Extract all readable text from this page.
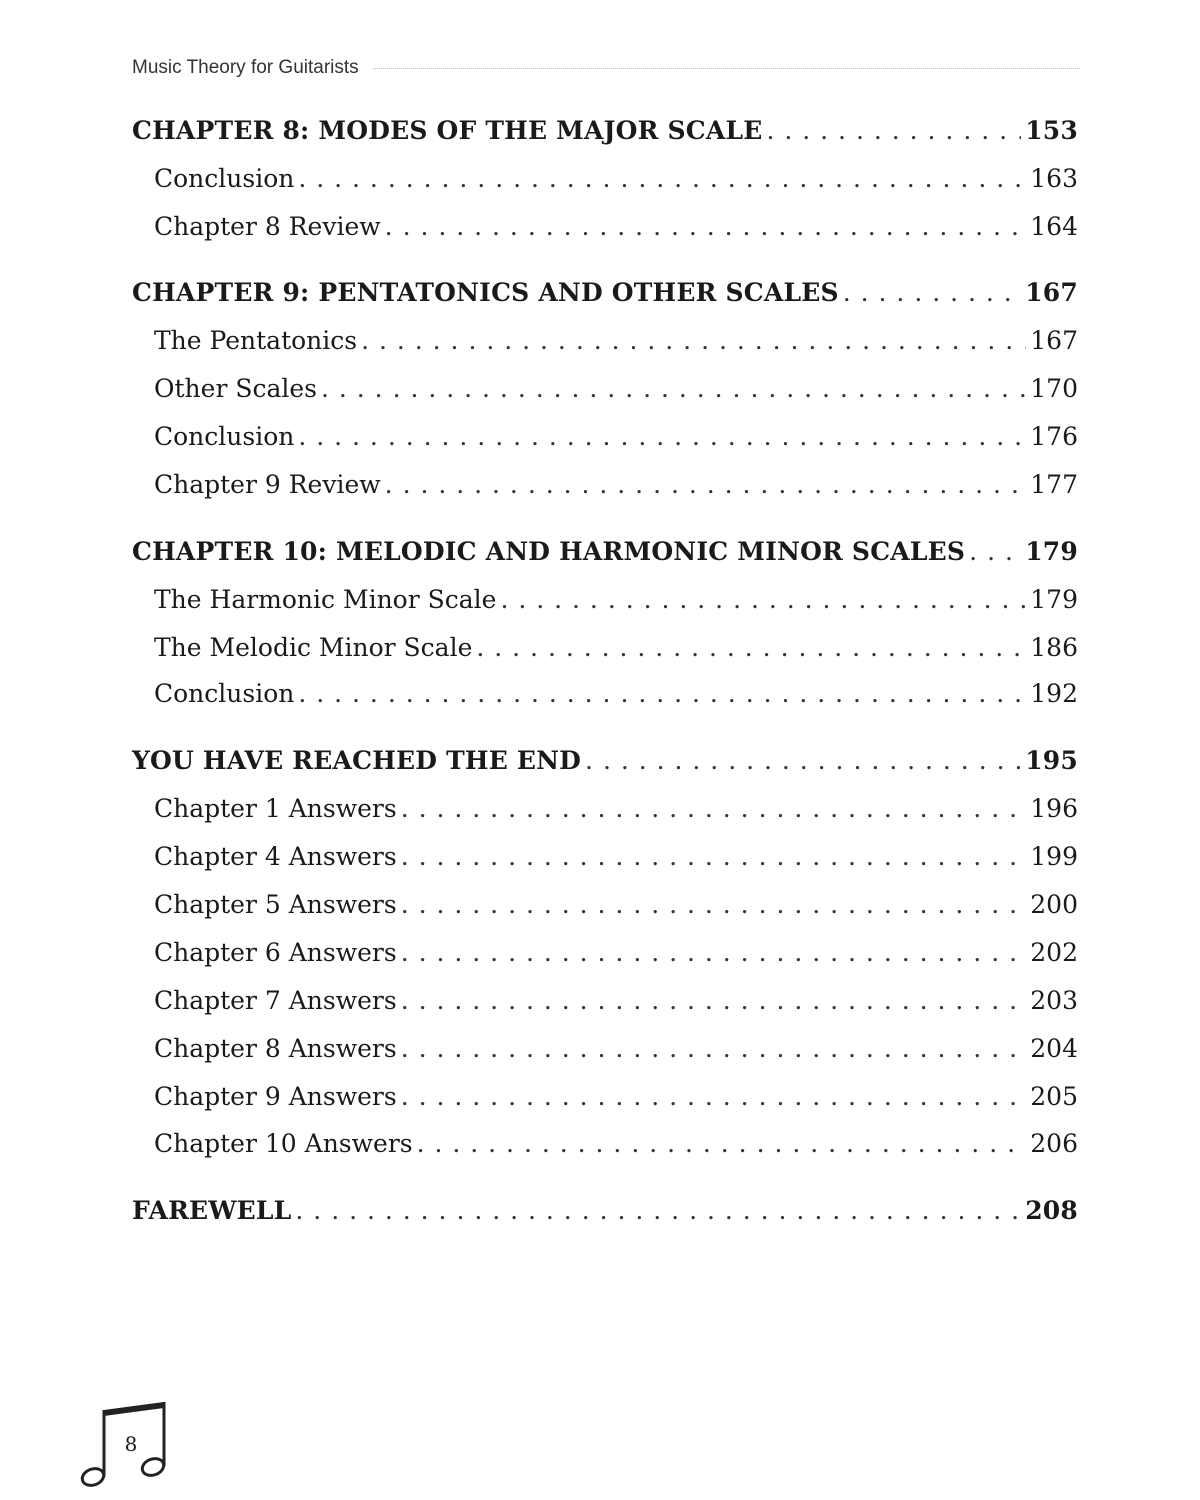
Music Theory for Guitarists
CHAPTER 8: MODES OF THE MAJOR SCALE . . .	153
Conclusion . . .	163
Chapter 8 Review . . .	164
CHAPTER 9: PENTATONICS AND OTHER SCALES . . .	167
The Pentatonics . . .	167
Other Scales . . .	170
Conclusion . . .	176
Chapter 9 Review . . .	177
CHAPTER 10: MELODIC AND HARMONIC MINOR SCALES . . . 179
The Harmonic Minor Scale . . .	179
The Melodic Minor Scale . . .	186
Conclusion . . .	192
YOU HAVE REACHED THE END . . .	195
Chapter 1 Answers . . .	196
Chapter 4 Answers . . .	199
Chapter 5 Answers . . .	200
Chapter 6 Answers . . .	202
Chapter 7 Answers . . .	203
Chapter 8 Answers . . .	204
Chapter 9 Answers . . .	205
Chapter 10 Answers . . .	206
FAREWELL . . .	208
8
